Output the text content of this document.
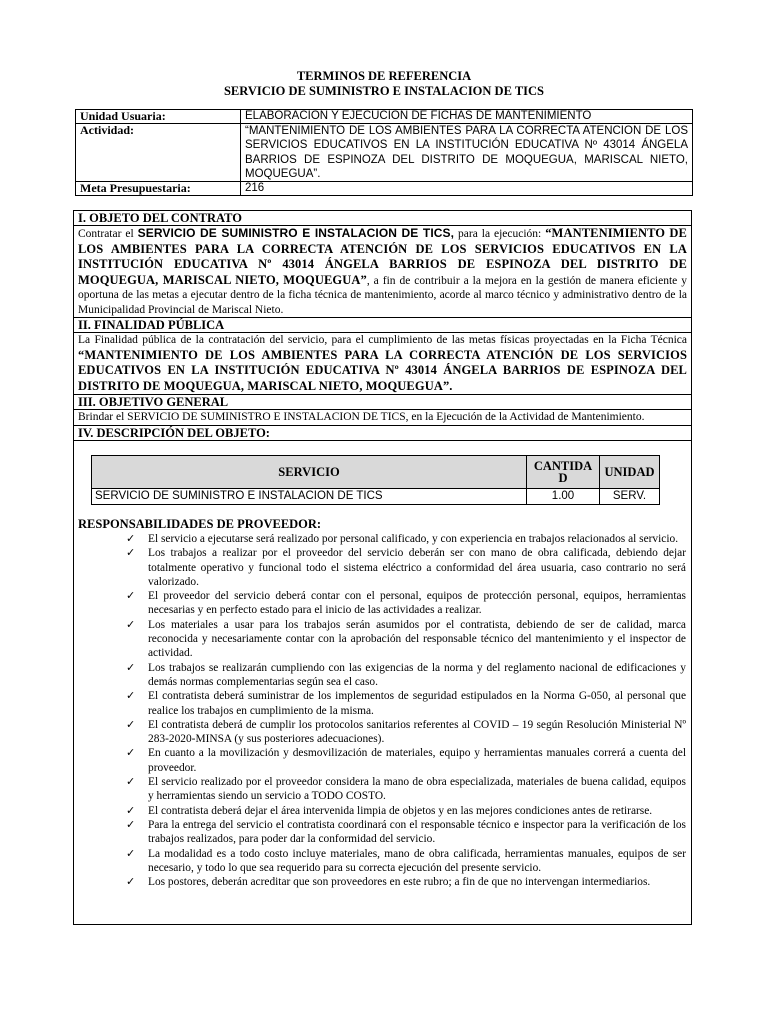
TERMINOS DE REFERENCIA
SERVICIO DE SUMINISTRO E INSTALACION DE TICS
Unidad Usuaria:	ELABORACION Y EJECUCION DE FICHAS DE MANTENIMIENTO
Actividad:	“MANTENIMIENTO DE LOS AMBIENTES PARA LA CORRECTA ATENCION DE LOS SERVICIOS EDUCATIVOS EN LA INSTITUCIÓN EDUCATIVA Nº 43014 ÁNGELA BARRIOS DE ESPINOZA DEL DISTRITO DE MOQUEGUA, MARISCAL NIETO, MOQUEGUA”.
Meta Presupuestaria:	216
I. OBJETO DEL CONTRATO
Contratar el SERVICIO DE SUMINISTRO E INSTALACION DE TICS, para la ejecución: “MANTENIMIENTO DE LOS AMBIENTES PARA LA CORRECTA ATENCIÓN DE LOS SERVICIOS EDUCATIVOS EN LA INSTITUCIÓN EDUCATIVA Nº 43014 ÁNGELA BARRIOS DE ESPINOZA DEL DISTRITO DE MOQUEGUA, MARISCAL NIETO, MOQUEGUA”, a fin de contribuir a la mejora en la gestión de manera eficiente y oportuna de las metas a ejecutar dentro de la ficha técnica de mantenimiento, acorde al marco técnico y administrativo dentro de la Municipalidad Provincial de Mariscal Nieto.
II. FINALIDAD PÚBLICA
La Finalidad pública de la contratación del servicio, para el cumplimiento de las metas físicas proyectadas en la Ficha Técnica “MANTENIMIENTO DE LOS AMBIENTES PARA LA CORRECTA ATENCIÓN DE LOS SERVICIOS EDUCATIVOS EN LA INSTITUCIÓN EDUCATIVA Nº 43014 ÁNGELA BARRIOS DE ESPINOZA DEL DISTRITO DE MOQUEGUA, MARISCAL NIETO, MOQUEGUA”.
III. OBJETIVO GENERAL
Brindar el SERVICIO DE SUMINISTRO E INSTALACION DE TICS, en la Ejecución de la Actividad de Mantenimiento.
IV. DESCRIPCIÓN DEL OBJETO:
SERVICIO	CANTIDA D	UNIDAD
SERVICIO DE SUMINISTRO E INSTALACION DE TICS	1.00	SERV.
RESPONSABILIDADES DE PROVEEDOR:
✓ El servicio a ejecutarse será realizado por personal calificado, y con experiencia en trabajos relacionados al servicio.
✓ Los trabajos a realizar por el proveedor del servicio deberán ser con mano de obra calificada, debiendo dejar totalmente operativo y funcional todo el sistema eléctrico a conformidad del área usuaria, caso contrario no será valorizado.
✓ El proveedor del servicio deberá contar con el personal, equipos de protección personal, equipos, herramientas necesarias y en perfecto estado para el inicio de las actividades a realizar.
✓ Los materiales a usar para los trabajos serán asumidos por el contratista, debiendo de ser de calidad, marca reconocida y necesariamente contar con la aprobación del responsable técnico del mantenimiento y el inspector de actividad.
✓ Los trabajos se realizarán cumpliendo con las exigencias de la norma y del reglamento nacional de edificaciones y demás normas complementarias según sea el caso.
✓ El contratista deberá suministrar de los implementos de seguridad estipulados en la Norma G-050, al personal que realice los trabajos en cumplimiento de la misma.
✓ El contratista deberá de cumplir los protocolos sanitarios referentes al COVID – 19 según Resolución Ministerial Nº 283-2020-MINSA (y sus posteriores adecuaciones).
✓ En cuanto a la movilización y desmovilización de materiales, equipo y herramientas manuales correrá a cuenta del proveedor.
✓ El servicio realizado por el proveedor considera la mano de obra especializada, materiales de buena calidad, equipos y herramientas siendo un servicio a TODO COSTO.
✓ El contratista deberá dejar el área intervenida limpia de objetos y en las mejores condiciones antes de retirarse.
✓ Para la entrega del servicio el contratista coordinará con el responsable técnico e inspector para la verificación de los trabajos realizados, para poder dar la conformidad del servicio.
✓ La modalidad es a todo costo incluye materiales, mano de obra calificada, herramientas manuales, equipos de ser necesario, y todo lo que sea requerido para su correcta ejecución del presente servicio.
✓ Los postores, deberán acreditar que son proveedores en este rubro; a fin de que no intervengan intermediarios.
